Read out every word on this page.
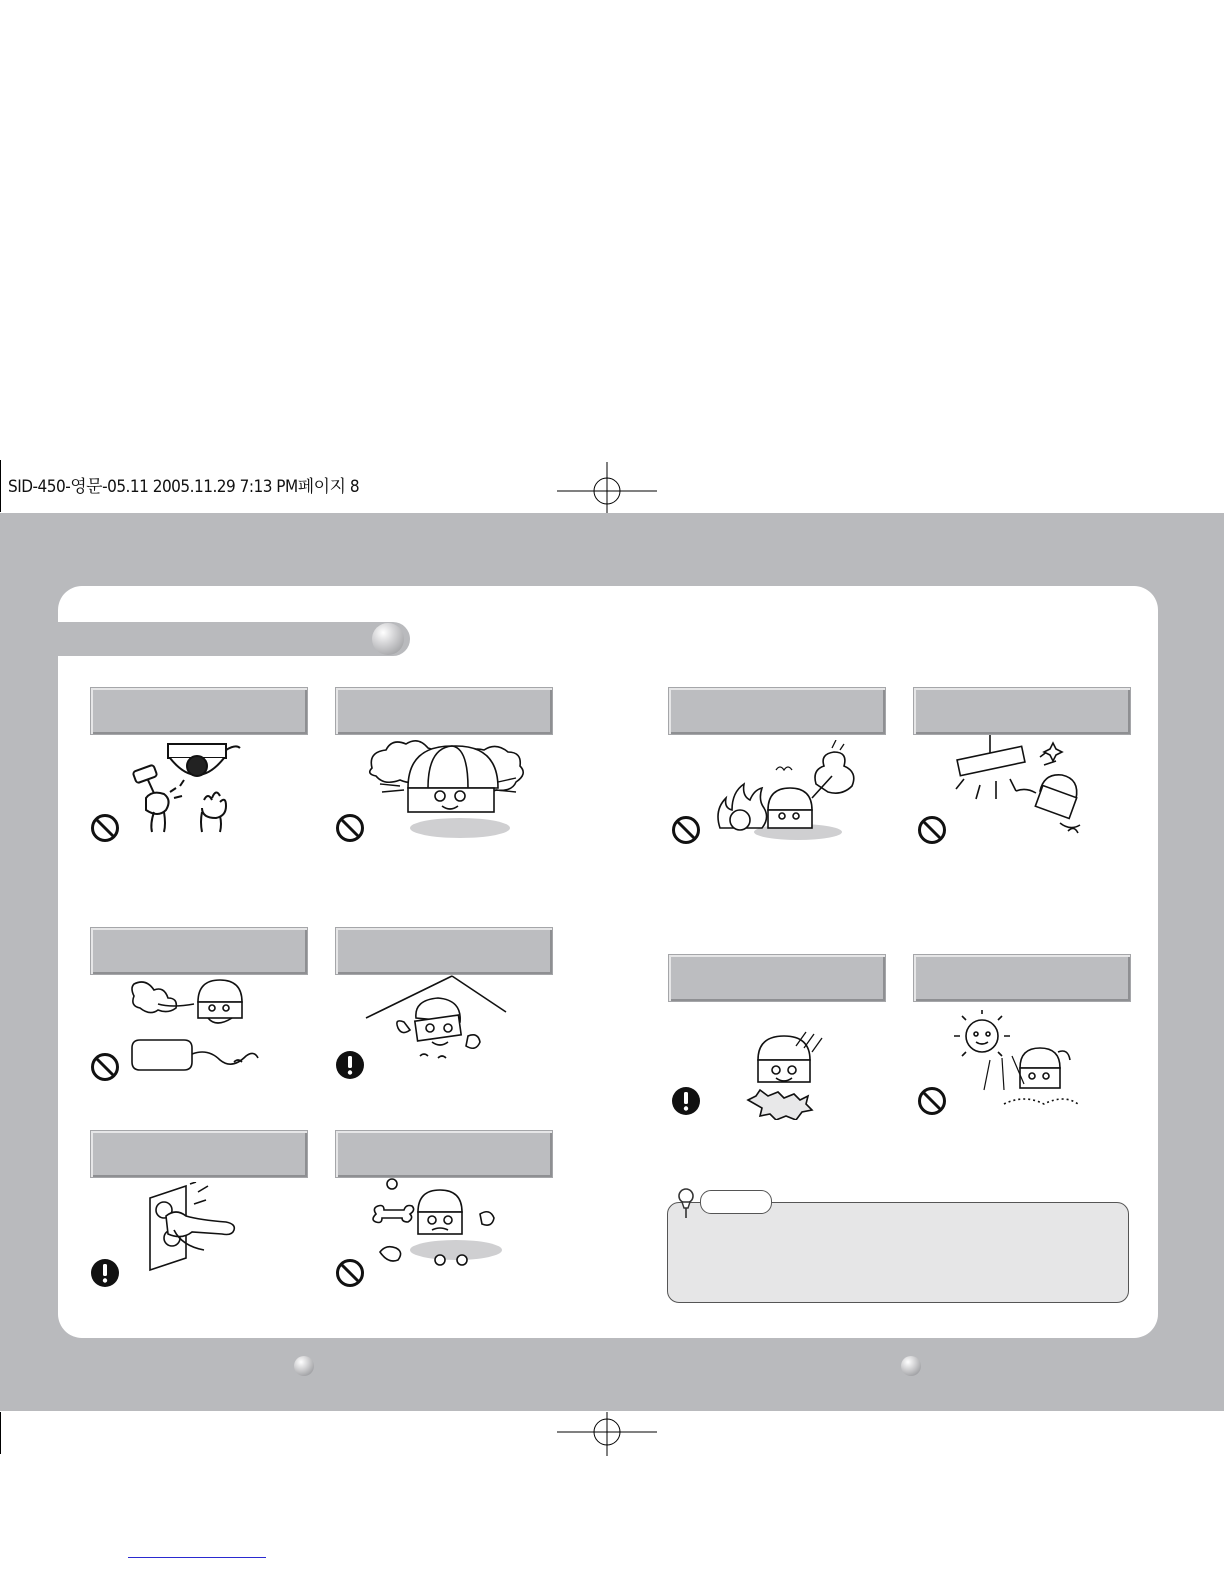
SID-450-영문-05.11 2005.11.29 7:13 PM페이지 8
